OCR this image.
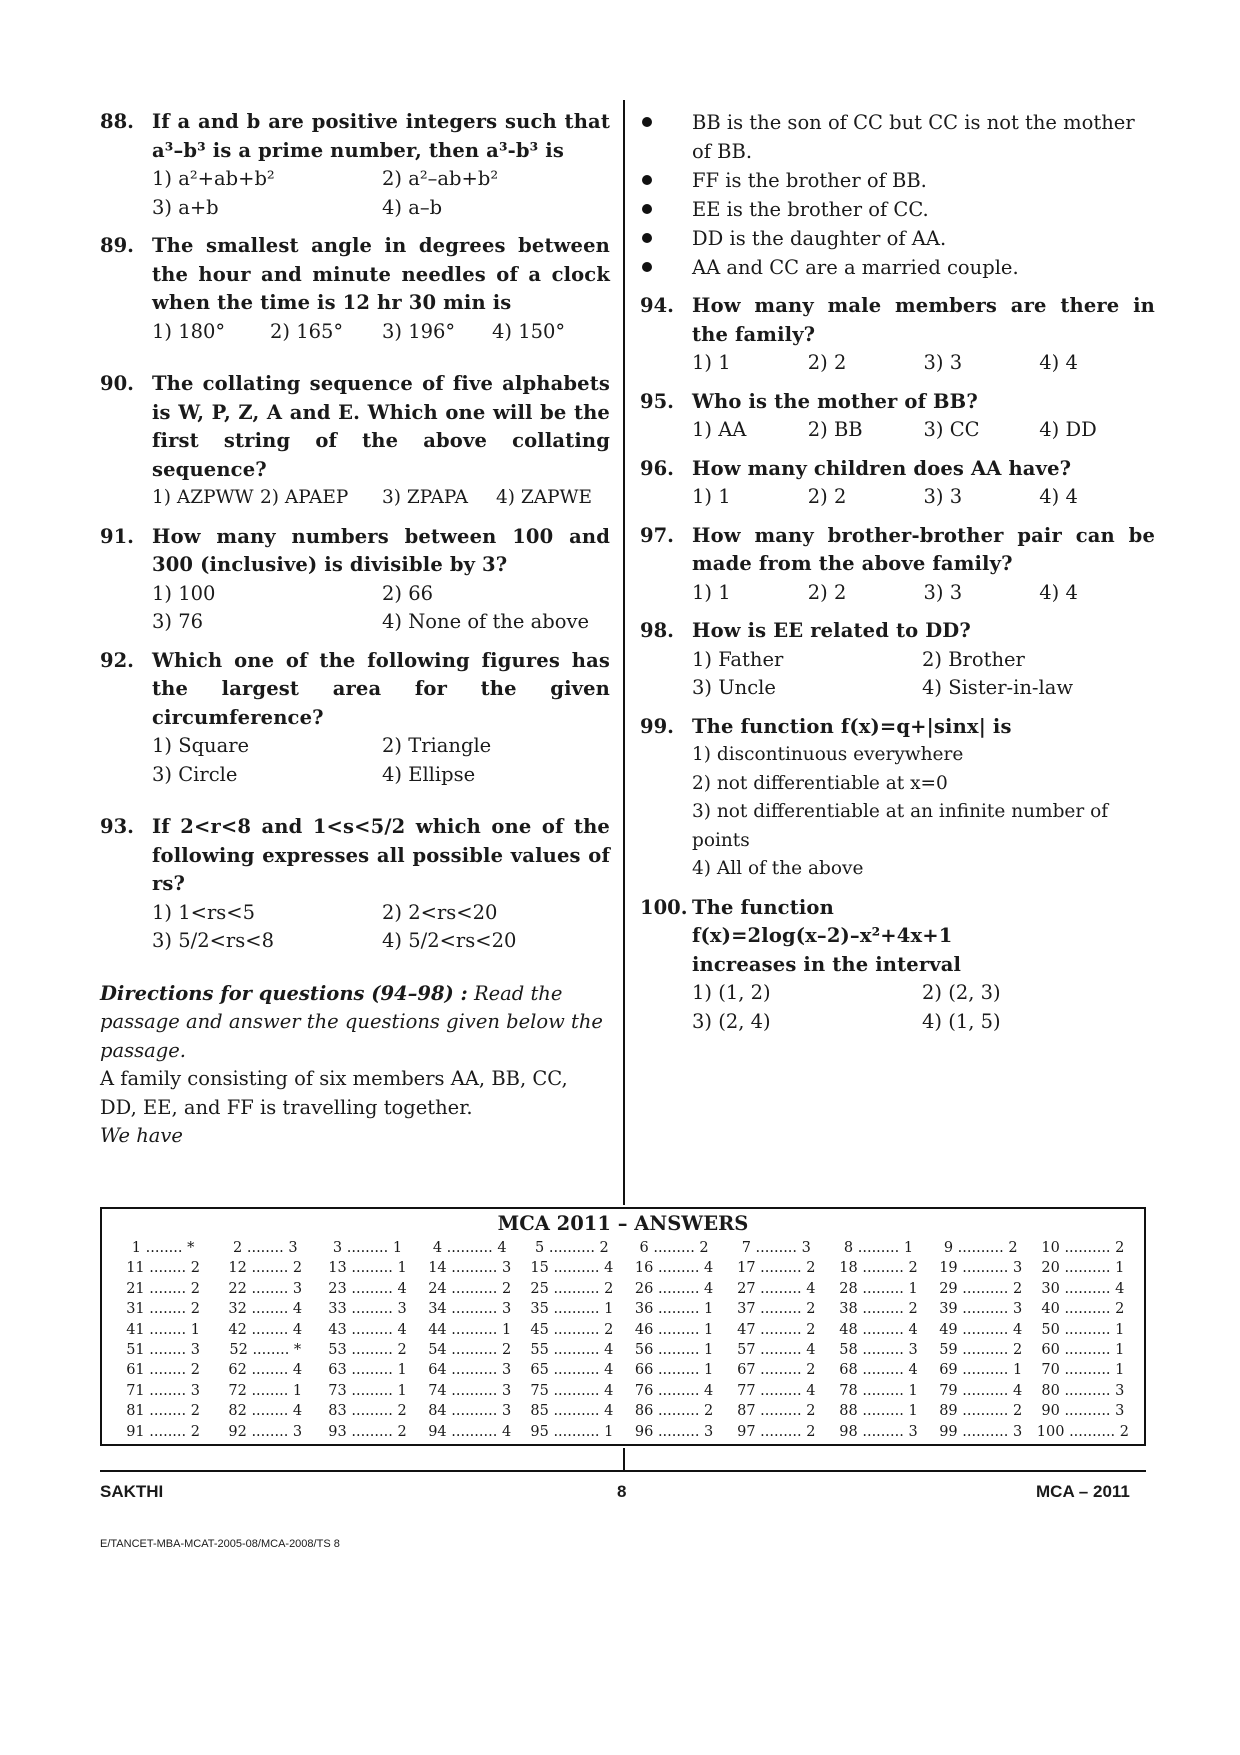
88. If a and b are positive integers such that a³–b³ is a prime number, then a³-b³ is
1) a²+ab+b²	2) a²–ab+b²
3) a+b	4) a–b
89. The smallest angle in degrees between the hour and minute needles of a clock when the time is 12 hr 30 min is
1) 180°	2) 165°	3) 196°	4) 150°
90. The collating sequence of five alphabets is W, P, Z, A and E. Which one will be the first string of the above collating sequence?
1) AZPWW 2) APAEP	3) ZPAPA	4) ZAPWE
91. How many numbers between 100 and 300 (inclusive) is divisible by 3?
1) 100	2) 66
3) 76	4) None of the above
92. Which one of the following figures has the largest area for the given circumference?
1) Square	2) Triangle
3) Circle	4) Ellipse
93. If 2<r<8 and 1<s<5/2 which one of the following expresses all possible values of rs?
1) 1<rs<5	2) 2<rs<20
3) 5/2<rs<8	4) 5/2<rs<20
Directions for questions (94–98) : Read the passage and answer the questions given below the passage.
A family consisting of six members AA, BB, CC, DD, EE, and FF is travelling together.
We have
BB is the son of CC but CC is not the mother of BB.
FF is the brother of BB.
EE is the brother of CC.
DD is the daughter of AA.
AA and CC are a married couple.
94. How many male members are there in the family?
1) 1	2) 2	3) 3	4) 4
95. Who is the mother of BB?
1) AA	2) BB	3) CC	4) DD
96. How many children does AA have?
1) 1	2) 2	3) 3	4) 4
97. How many brother-brother pair can be made from the above family?
1) 1	2) 2	3) 3	4) 4
98. How is EE related to DD?
1) Father	2) Brother
3) Uncle	4) Sister-in-law
99. The function f(x)=q+|sinx| is
1) discontinuous everywhere
2) not differentiable at x=0
3) not differentiable at an infinite number of points
4) All of the above
100. The function
f(x)=2log(x–2)–x²+4x+1
increases in the interval
1) (1, 2)	2) (2, 3)
3) (2, 4)	4) (1, 5)
MCA 2011 – ANSWERS
1 ........ *	2 ........ 3	3 ......... 1	4 .......... 4	5 .......... 2	6 ......... 2	7 ......... 3	8 ......... 1	9 .......... 2	10 .......... 2
11 ........ 2	12 ........ 2	13 ......... 1	14 .......... 3	15 .......... 4	16 ......... 4	17 ......... 2	18 ......... 2	19 .......... 3	20 .......... 1
21 ........ 2	22 ........ 3	23 ......... 4	24 .......... 2	25 .......... 2	26 ......... 4	27 ......... 4	28 ......... 1	29 .......... 2	30 .......... 4
31 ........ 2	32 ........ 4	33 ......... 3	34 .......... 3	35 .......... 1	36 ......... 1	37 ......... 2	38 ......... 2	39 .......... 3	40 .......... 2
41 ........ 1	42 ........ 4	43 ......... 4	44 .......... 1	45 .......... 2	46 ......... 1	47 ......... 2	48 ......... 4	49 .......... 4	50 .......... 1
51 ........ 3	52 ........ *	53 ......... 2	54 .......... 2	55 .......... 4	56 ......... 1	57 ......... 4	58 ......... 3	59 .......... 2	60 .......... 1
61 ........ 2	62 ........ 4	63 ......... 1	64 .......... 3	65 .......... 4	66 ......... 1	67 ......... 2	68 ......... 4	69 .......... 1	70 .......... 1
71 ........ 3	72 ........ 1	73 ......... 1	74 .......... 3	75 .......... 4	76 ......... 4	77 ......... 4	78 ......... 1	79 .......... 4	80 .......... 3
81 ........ 2	82 ........ 4	83 ......... 2	84 .......... 3	85 .......... 4	86 ......... 2	87 ......... 2	88 ......... 1	89 .......... 2	90 .......... 3
91 ........ 2	92 ........ 3	93 ......... 2	94 .......... 4	95 .......... 1	96 ......... 3	97 ......... 2	98 ......... 3	99 .......... 3	100 .......... 2
SAKTHI	8	MCA – 2011
E/TANCET-MBA-MCAT-2005-08/MCA-2008/TS 8
